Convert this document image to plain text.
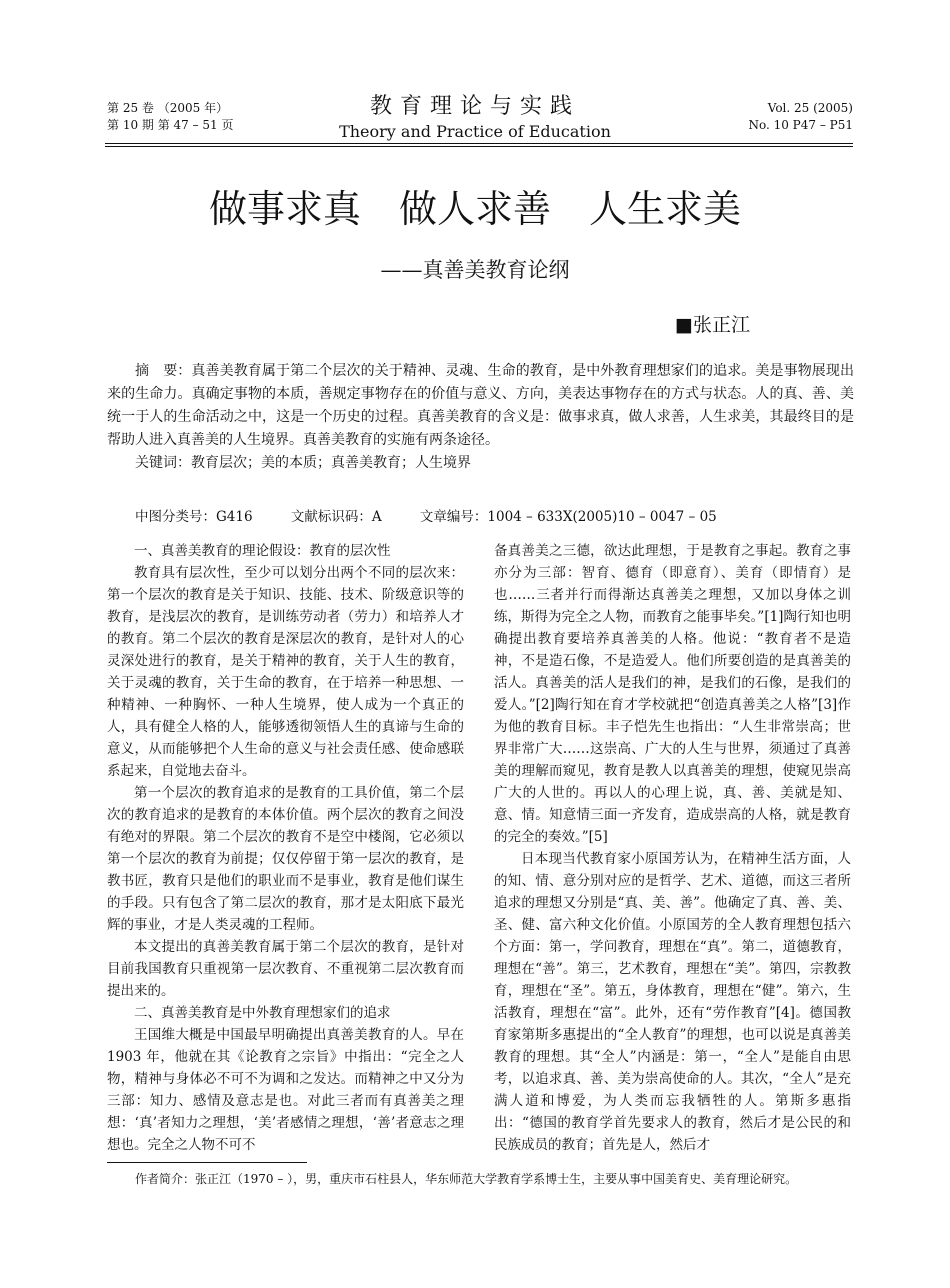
第 25 卷 （2005 年）
第 10 期 第 47 – 51 页
教育理论与实践
Theory and Practice of Education
Vol. 25 (2005)
No. 10 P47 – P51
做事求真 做人求善 人生求美
——真善美教育论纲
■张正江

摘　要：真善美教育属于第二个层次的关于精神、灵魂、生命的教育，是中外教育理想家们的追求。美是事物展现出来的生命力。真确定事物的本质，善规定事物存在的价值与意义、方向，美表达事物存在的方式与状态。人的真、善、美统一于人的生命活动之中，这是一个历史的过程。真善美教育的含义是：做事求真，做人求善，人生求美，其最终目的是帮助人进入真善美的人生境界。真善美教育的实施有两条途径。

关键词：教育层次；美的本质；真善美教育；人生境界

中图分类号：G416	文献标识码：A	文章编号：1004 – 633X(2005)10 – 0047 – 05

一、真善美教育的理论假设：教育的层次性

教育具有层次性，至少可以划分出两个不同的层次来：第一个层次的教育是关于知识、技能、技术、阶级意识等的教育，是浅层次的教育，是训练劳动者（劳力）和培养人才的教育。第二个层次的教育是深层次的教育，是针对人的心灵深处进行的教育，是关于精神的教育，关于人生的教育，关于灵魂的教育，关于生命的教育，在于培养一种思想、一种精神、一种胸怀、一种人生境界，使人成为一个真正的人，具有健全人格的人，能够透彻领悟人生的真谛与生命的意义，从而能够把个人生命的意义与社会责任感、使命感联系起来，自觉地去奋斗。

第一个层次的教育追求的是教育的工具价值，第二个层次的教育追求的是教育的本体价值。两个层次的教育之间没有绝对的界限。第二个层次的教育不是空中楼阁，它必须以第一个层次的教育为前提；仅仅停留于第一层次的教育，是教书匠，教育只是他们的职业而不是事业，教育是他们谋生的手段。只有包含了第二层次的教育，那才是太阳底下最光辉的事业，才是人类灵魂的工程师。

本文提出的真善美教育属于第二个层次的教育，是针对目前我国教育只重视第一层次教育、不重视第二层次教育而提出来的。

二、真善美教育是中外教育理想家们的追求

王国维大概是中国最早明确提出真善美教育的人。早在 1903 年，他就在其《论教育之宗旨》中指出：“完全之人物，精神与身体必不可不为调和之发达。而精神之中又分为三部：知力、感情及意志是也。对此三者而有真善美之理想：‘真’者知力之理想，‘美’者感情之理想，‘善’者意志之理想也。完全之人物不可不

备真善美之三德，欲达此理想，于是教育之事起。教育之事亦分为三部：智育、德育（即意育）、美育（即情育）是也……三者并行而得渐达真善美之理想，又加以身体之训练，斯得为完全之人物，而教育之能事毕矣。”[1]陶行知也明确提出教育要培养真善美的人格。他说：“教育者不是造神，不是造石像，不是造爱人。他们所要创造的是真善美的活人。真善美的活人是我们的神，是我们的石像，是我们的爱人。”[2]陶行知在育才学校就把“创造真善美之人格”[3]作为他的教育目标。丰子恺先生也指出：“人生非常崇高；世界非常广大……这崇高、广大的人生与世界，须通过了真善美的理解而窥见，教育是教人以真善美的理想，使窥见崇高广大的人世的。再以人的心理上说，真、善、美就是知、意、情。知意情三面一齐发育，造成崇高的人格，就是教育的完全的奏效。”[5]

日本现当代教育家小原国芳认为，在精神生活方面，人的知、情、意分别对应的是哲学、艺术、道德，而这三者所追求的理想又分别是“真、美、善”。他确定了真、善、美、圣、健、富六种文化价值。小原国芳的全人教育理想包括六个方面：第一，学问教育，理想在“真”。第二，道德教育，理想在“善”。第三，艺术教育，理想在“美”。第四，宗教教育，理想在“圣”。第五，身体教育，理想在“健”。第六，生活教育，理想在“富”。此外，还有“劳作教育”[4]。德国教育家第斯多惠提出的“全人教育”的理想，也可以说是真善美教育的理想。其“全人”内涵是：第一，“全人”是能自由思考，以追求真、善、美为崇高使命的人。其次，“全人”是充满人道和博爱，为人类而忘我牺牲的人。第斯多惠指出：“德国的教育学首先要求人的教育，然后才是公民的和民族成员的教育；首先是人，然后才

作者简介：张正江（1970 – ），男，重庆市石柱县人，华东师范大学教育学系博士生，主要从事中国美育史、美育理论研究。
